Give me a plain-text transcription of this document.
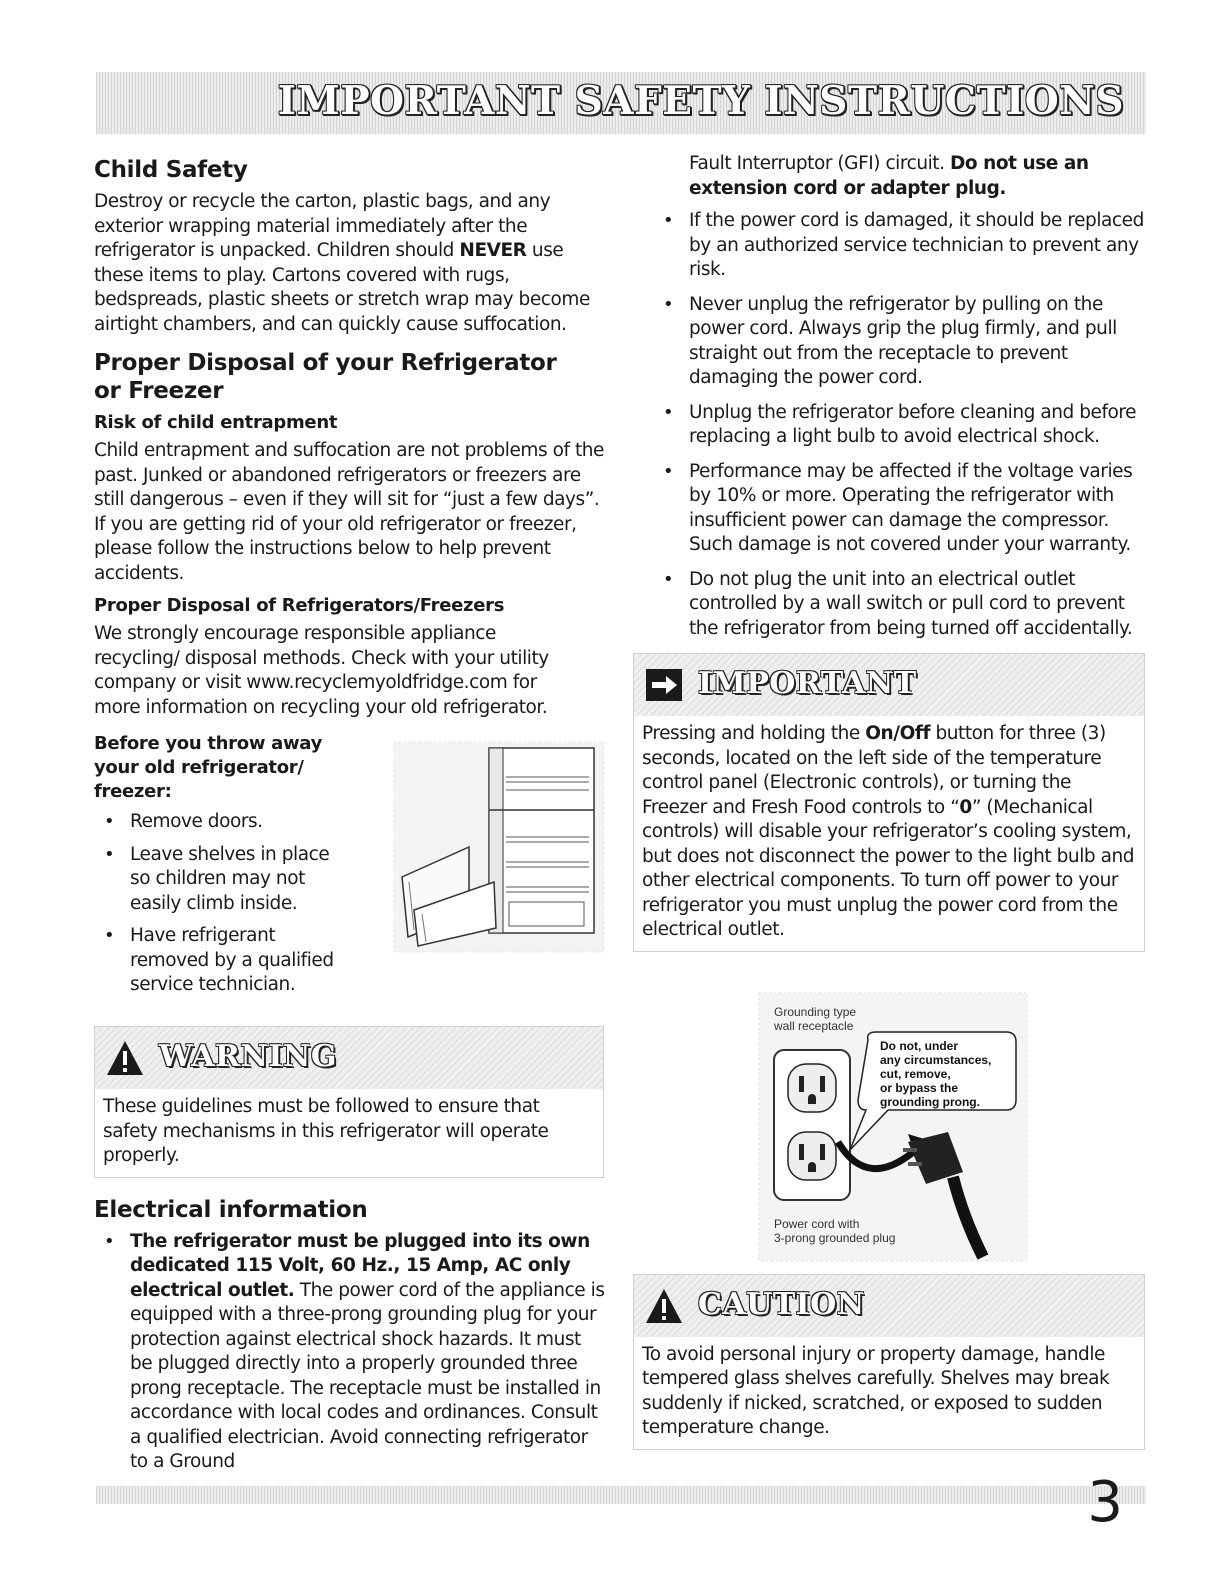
IMPORTANT SAFETY INSTRUCTIONS
Child Safety

Destroy or recycle the carton, plastic bags, and any exterior wrapping material immediately after the refrigerator is unpacked. Children should NEVER use these items to play. Cartons covered with rugs, bedspreads, plastic sheets or stretch wrap may become airtight chambers, and can quickly cause suffocation.

Proper Disposal of your Refrigerator or Freezer
Risk of child entrapment

Child entrapment and suffocation are not problems of the past. Junked or abandoned refrigerators or freezers are still dangerous – even if they will sit for “just a few days”. If you are getting rid of your old refrigerator or freezer, please follow the instructions below to help prevent accidents.

Proper Disposal of Refrigerators/Freezers

We strongly encourage responsible appliance recycling/ disposal methods. Check with your utility company or visit www.recyclemyoldfridge.com for more information on recycling your old refrigerator.

Before you throw away your old refrigerator/ freezer:
• Remove doors.
• Leave shelves in place so children may not easily climb inside.
• Have refrigerant removed by a qualified service technician.
WARNING
These guidelines must be followed to ensure that safety mechanisms in this refrigerator will operate properly.
Electrical information
• The refrigerator must be plugged into its own dedicated 115 Volt, 60 Hz., 15 Amp, AC only electrical outlet. The power cord of the appliance is equipped with a three-prong grounding plug for your protection against electrical shock hazards. It must be plugged directly into a properly grounded three prong receptacle. The receptacle must be installed in accordance with local codes and ordinances. Consult a qualified electrician. Avoid connecting refrigerator to a Ground

Fault Interruptor (GFI) circuit. Do not use an extension cord or adapter plug.

• If the power cord is damaged, it should be replaced by an authorized service technician to prevent any risk.
• Never unplug the refrigerator by pulling on the power cord. Always grip the plug firmly, and pull straight out from the receptacle to prevent damaging the power cord.
• Unplug the refrigerator before cleaning and before replacing a light bulb to avoid electrical shock.
• Performance may be affected if the voltage varies by 10% or more. Operating the refrigerator with insufficient power can damage the compressor. Such damage is not covered under your warranty.
• Do not plug the unit into an electrical outlet controlled by a wall switch or pull cord to prevent the refrigerator from being turned off accidentally.
IMPORTANT
Pressing and holding the On/Off button for three (3) seconds, located on the left side of the temperature control panel (Electronic controls), or turning the Freezer and Fresh Food controls to “0” (Mechanical controls) will disable your refrigerator’s cooling system, but does not disconnect the power to the light bulb and other electrical components. To turn off power to your refrigerator you must unplug the power cord from the electrical outlet.
Grounding type
wall receptacle
Do not, under
any circumstances,
cut, remove,
or bypass the
grounding prong.
Power cord with
3-prong grounded plug
CAUTION
To avoid personal injury or property damage, handle tempered glass shelves carefully. Shelves may break suddenly if nicked, scratched, or exposed to sudden temperature change.
3
